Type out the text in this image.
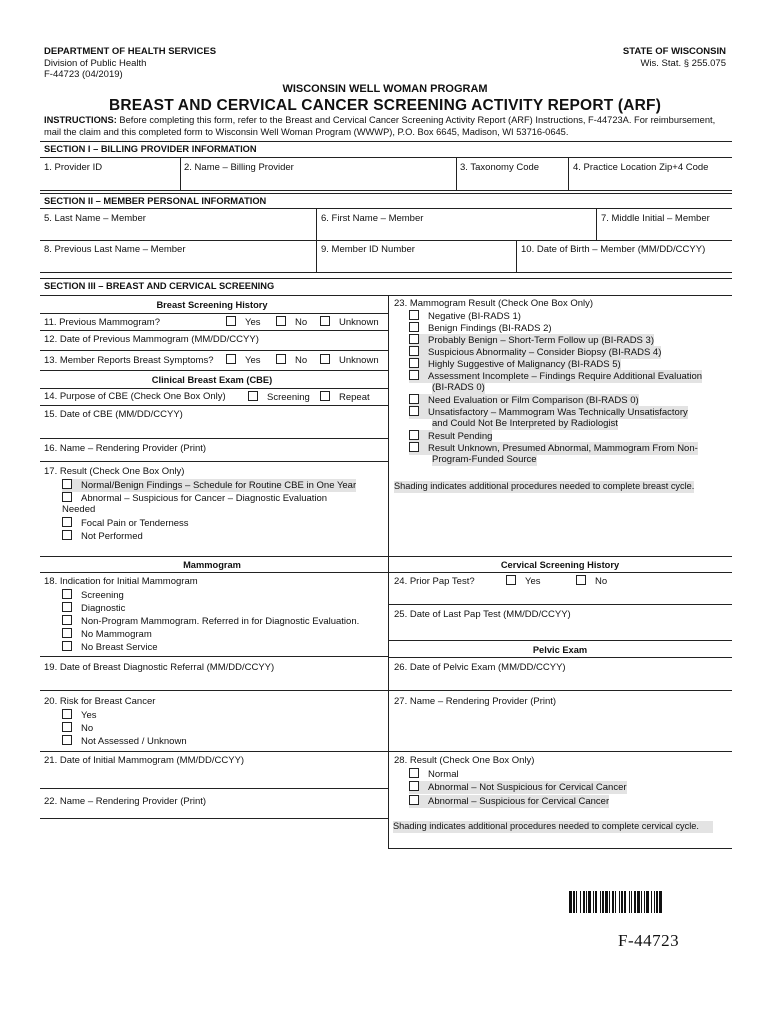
DEPARTMENT OF HEALTH SERVICES
Division of Public Health
F-44723 (04/2019)
STATE OF WISCONSIN
Wis. Stat. § 255.075
WISCONSIN WELL WOMAN PROGRAM
BREAST AND CERVICAL CANCER SCREENING ACTIVITY REPORT (ARF)
INSTRUCTIONS: Before completing this form, refer to the Breast and Cervical Cancer Screening Activity Report (ARF) Instructions, F-44723A. For reimbursement, mail the claim and this completed form to Wisconsin Well Woman Program (WWWP), P.O. Box 6645, Madison, WI 53716-0645.
SECTION I – BILLING PROVIDER INFORMATION
1. Provider ID	2. Name – Billing Provider	3. Taxonomy Code	4. Practice Location Zip+4 Code
SECTION II – MEMBER PERSONAL INFORMATION
5. Last Name – Member	6. First Name – Member	7. Middle Initial – Member
8. Previous Last Name – Member	9. Member ID Number	10. Date of Birth – Member (MM/DD/CCYY)
SECTION III – BREAST AND CERVICAL SCREENING
Breast Screening History
11. Previous Mammogram?	Yes	No	Unknown
12. Date of Previous Mammogram (MM/DD/CCYY)
13. Member Reports Breast Symptoms?	Yes	No	Unknown
Clinical Breast Exam (CBE)
14. Purpose of CBE (Check One Box Only)	Screening	Repeat
15. Date of CBE (MM/DD/CCYY)
16. Name – Rendering Provider (Print)
17. Result (Check One Box Only)
Normal/Benign Findings – Schedule for Routine CBE in One Year
Abnormal – Suspicious for Cancer – Diagnostic Evaluation
Needed
Focal Pain or Tenderness
Not Performed
23. Mammogram Result (Check One Box Only)
Negative (BI-RADS 1)
Benign Findings (BI-RADS 2)
Probably Benign – Short-Term Follow up (BI-RADS 3)
Suspicious Abnormality – Consider Biopsy (BI-RADS 4)
Highly Suggestive of Malignancy (BI-RADS 5)
Assessment Incomplete – Findings Require Additional Evaluation
(BI-RADS 0)
Need Evaluation or Film Comparison (BI-RADS 0)
Unsatisfactory – Mammogram Was Technically Unsatisfactory
and Could Not Be Interpreted by Radiologist
Result Pending
Result Unknown, Presumed Abnormal, Mammogram From Non-
Program-Funded Source
Shading indicates additional procedures needed to complete breast cycle.
Mammogram	Cervical Screening History
18. Indication for Initial Mammogram
Screening
Diagnostic
Non-Program Mammogram. Referred in for Diagnostic Evaluation.
No Mammogram
No Breast Service
19. Date of Breast Diagnostic Referral (MM/DD/CCYY)
24. Prior Pap Test?	Yes	No
25. Date of Last Pap Test (MM/DD/CCYY)
Pelvic Exam
26. Date of Pelvic Exam (MM/DD/CCYY)
20. Risk for Breast Cancer
Yes
No
Not Assessed / Unknown
27. Name – Rendering Provider (Print)
21. Date of Initial Mammogram (MM/DD/CCYY)
22. Name – Rendering Provider (Print)
28. Result (Check One Box Only)
Normal
Abnormal – Not Suspicious for Cervical Cancer
Abnormal – Suspicious for Cervical Cancer
Shading indicates additional procedures needed to complete cervical cycle.
F-44723
